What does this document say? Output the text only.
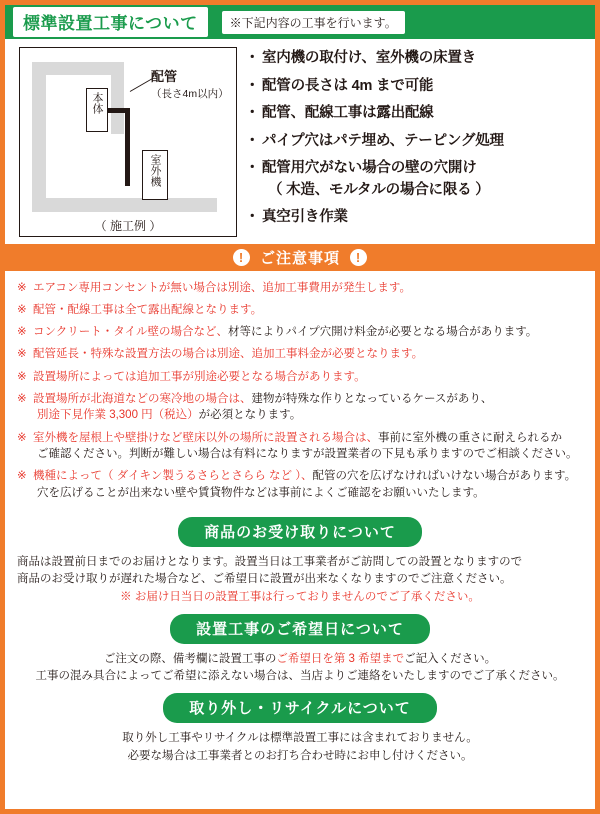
標準設置工事について	※下記内容の工事を行います。
本体
配管
（長さ4m以内）
室外機
（ 施工例 ）
・ 室内機の取付け、室外機の床置き
・ 配管の長さは 4m まで可能
・ 配管、配線工事は露出配線
・ パイプ穴はパテ埋め、テーピング処理
・ 配管用穴がない場合の壁の穴開け
（ 木造、モルタルの場合に限る ）
・ 真空引き作業
!	ご注意事項	!
※ エアコン専用コンセントが無い場合は別途、追加工事費用が発生します。
※ 配管・配線工事は全て露出配線となります。
※ コンクリート・タイル壁の場合など、材等によりパイプ穴開け料金が必要となる場合があります。
※ 配管延長・特殊な設置方法の場合は別途、追加工事料金が必要となります。
※ 設置場所によっては追加工事が別途必要となる場合があります。
※ 設置場所が北海道などの寒冷地の場合は、建物が特殊な作りとなっているケースがあり、
別途下見作業 3,300 円（税込）が必須となります。
※ 室外機を屋根上や壁掛けなど壁床以外の場所に設置される場合は、事前に室外機の重さに耐えられるか
ご確認ください。判断が難しい場合は有料になりますが設置業者の下見も承りますのでご相談ください。
※ 機種によって（ ダイキン製うるさらとさらら など ）、配管の穴を広げなければいけない場合があります。
穴を広げることが出来ない壁や賃貸物件などは事前によくご確認をお願いいたします。
商品のお受け取りについて
商品は設置前日までのお届けとなります。設置当日は工事業者がご訪問しての設置となりますので
商品のお受け取りが遅れた場合など、ご希望日に設置が出来なくなりますのでご注意ください。
※ お届け日当日の設置工事は行っておりませんのでご了承ください。
設置工事のご希望日について
ご注文の際、備考欄に設置工事のご希望日を第 3 希望までご記入ください。
工事の混み具合によってご希望に添えない場合は、当店よりご連絡をいたしますのでご了承ください。
取り外し・リサイクルについて
取り外し工事やリサイクルは標準設置工事には含まれておりません。
必要な場合は工事業者とのお打ち合わせ時にお申し付けください。
